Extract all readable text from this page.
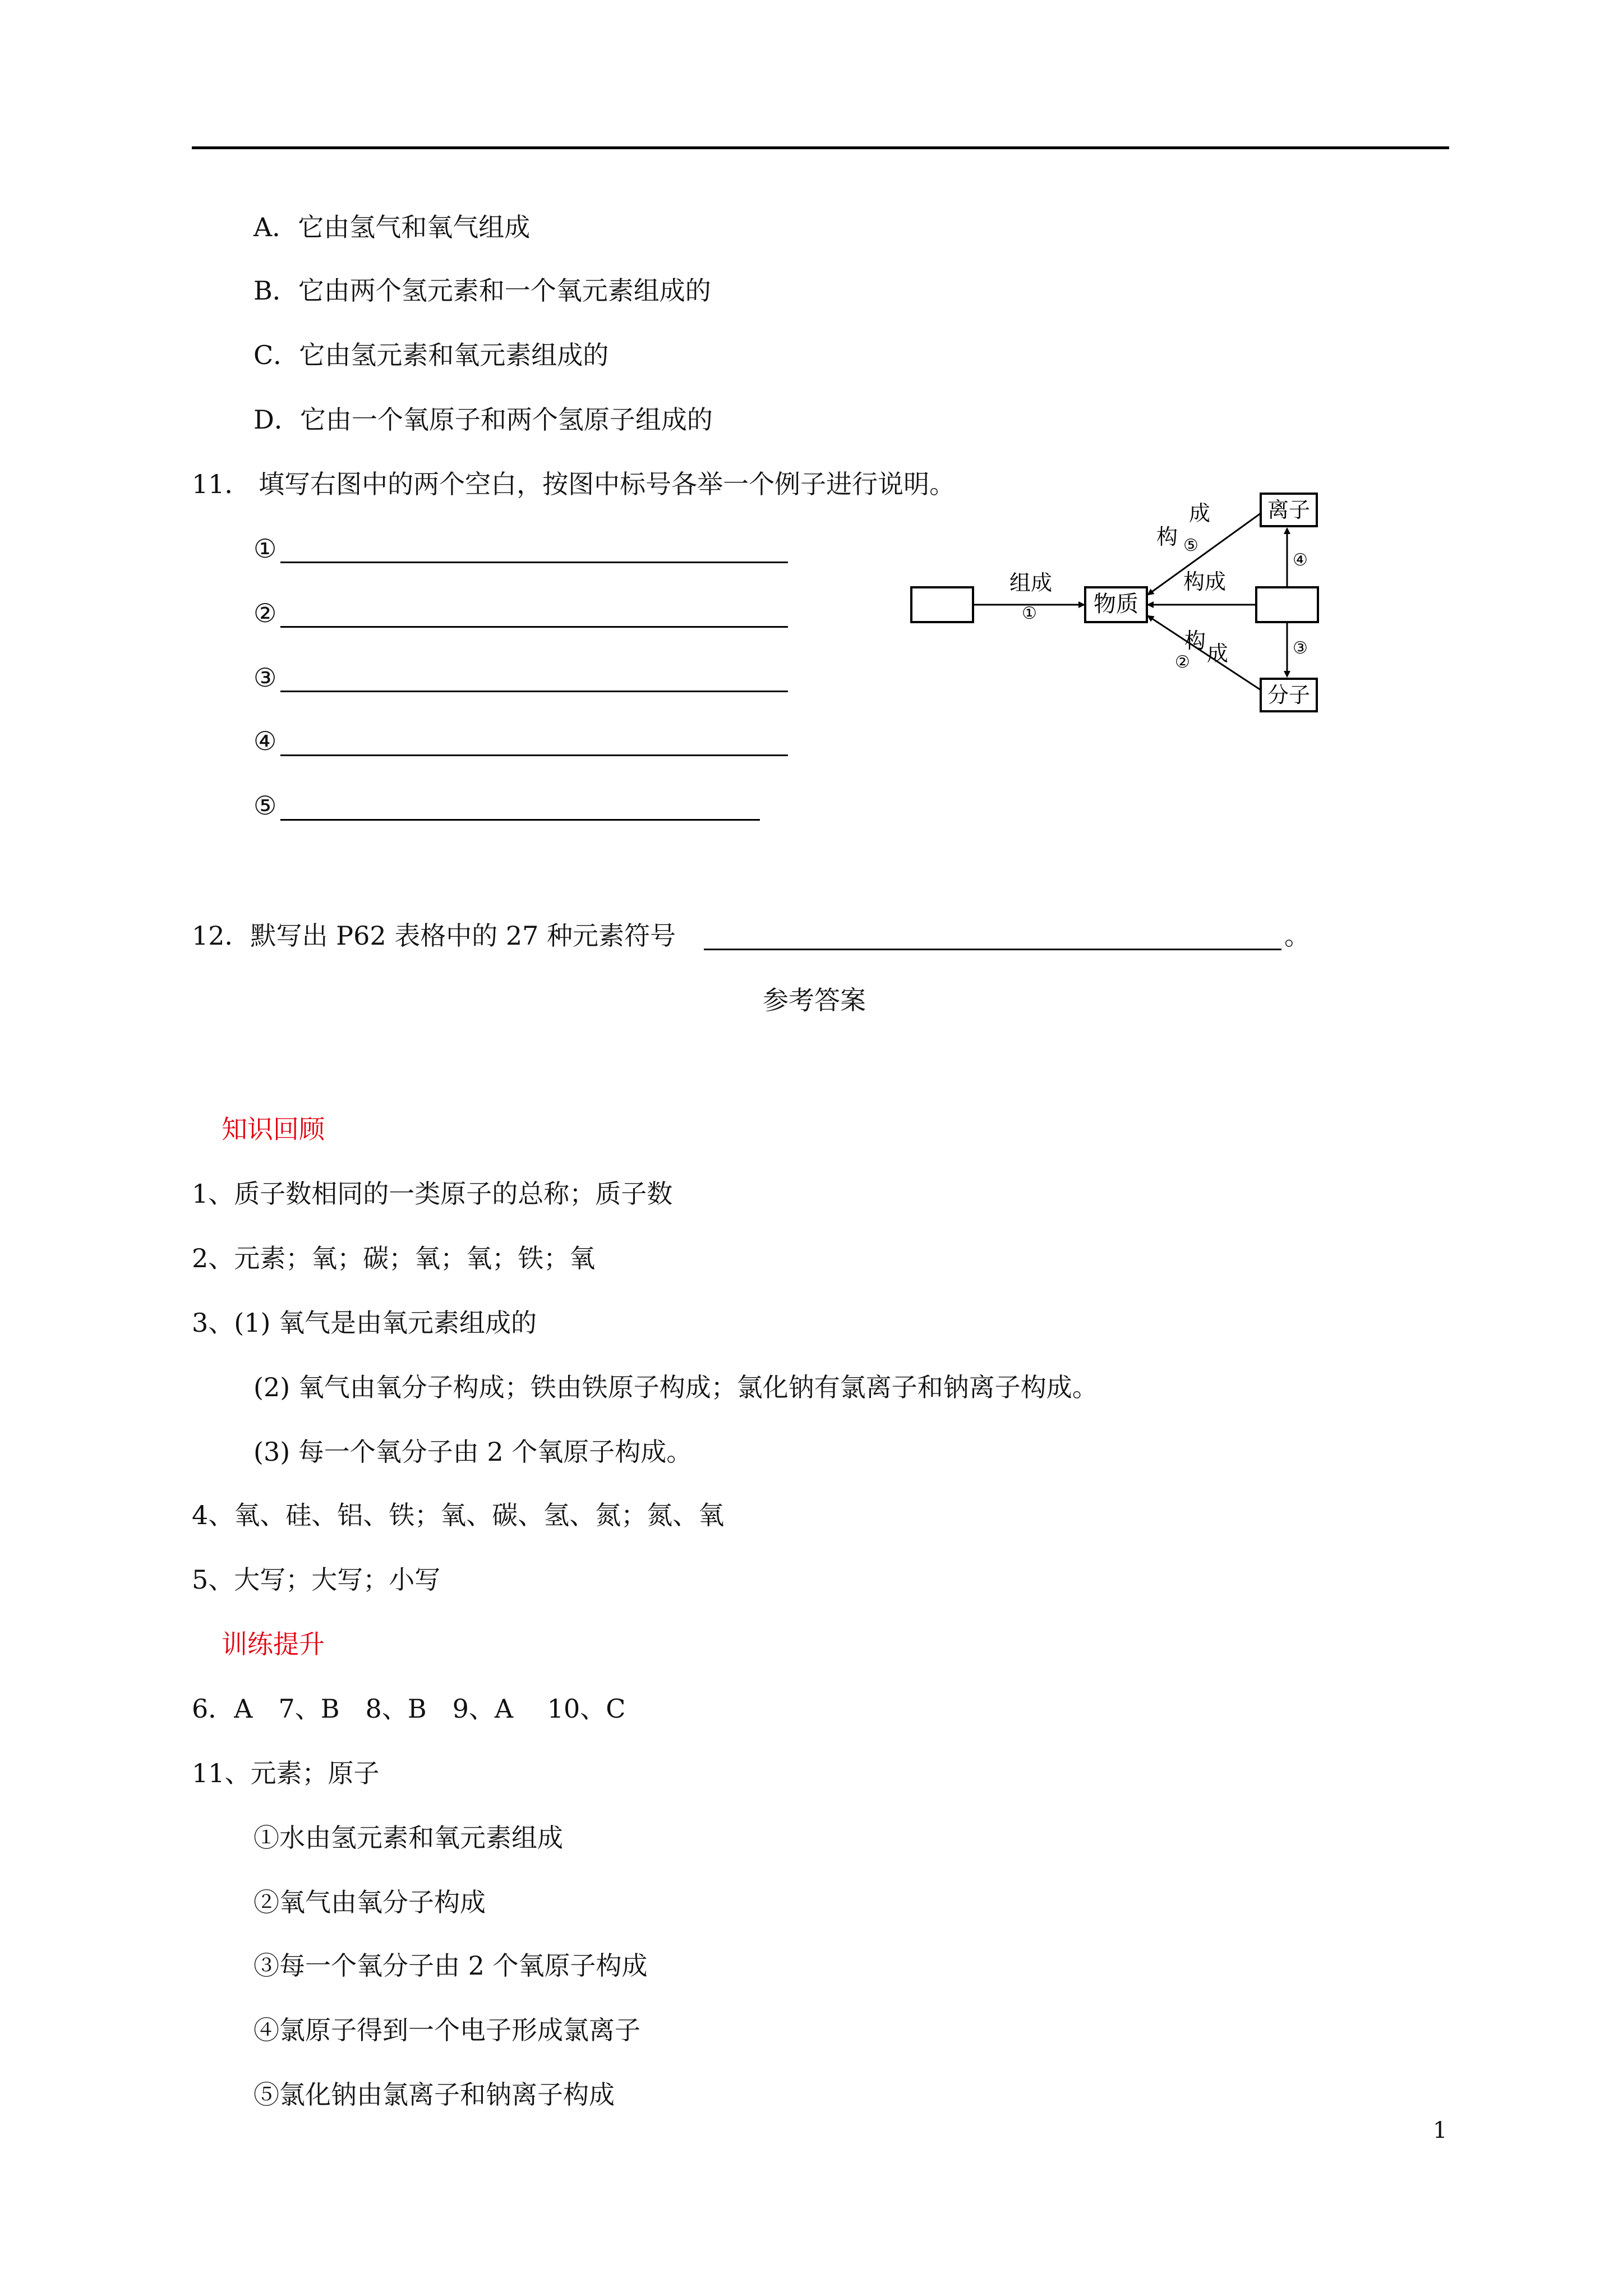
A．它由氢气和氧气组成
B．它由两个氢元素和一个氧元素组成的
C．它由氢元素和氧元素组成的
D．它由一个氧原子和两个氢原子组成的
11． 填写右图中的两个空白，按图中标号各举一个例子进行说明。
①
②
③
④
⑤
物质
离子
分子
组成
①
构成
构
成
⑤
构
成
②
④
③
12．默写出 P62 表格中的 27 种元素符号	。
参考答案
知识回顾
1、质子数相同的一类原子的总称；质子数
2、元素；氧；碳；氧；氧；铁；氧
3、(1) 氧气是由氧元素组成的
(2) 氧气由氧分子构成；铁由铁原子构成；氯化钠有氯离子和钠离子构成。
(3) 每一个氧分子由 2 个氧原子构成。
4、氧、硅、铝、铁；氧、碳、氢、氮；氮、氧
5、大写；大写；小写
训练提升
6．A　7、B　8、B　9、A　 10、C
11、元素；原子
①水由氢元素和氧元素组成
②氧气由氧分子构成
③每一个氧分子由 2 个氧原子构成
④氯原子得到一个电子形成氯离子
⑤氯化钠由氯离子和钠离子构成
1
